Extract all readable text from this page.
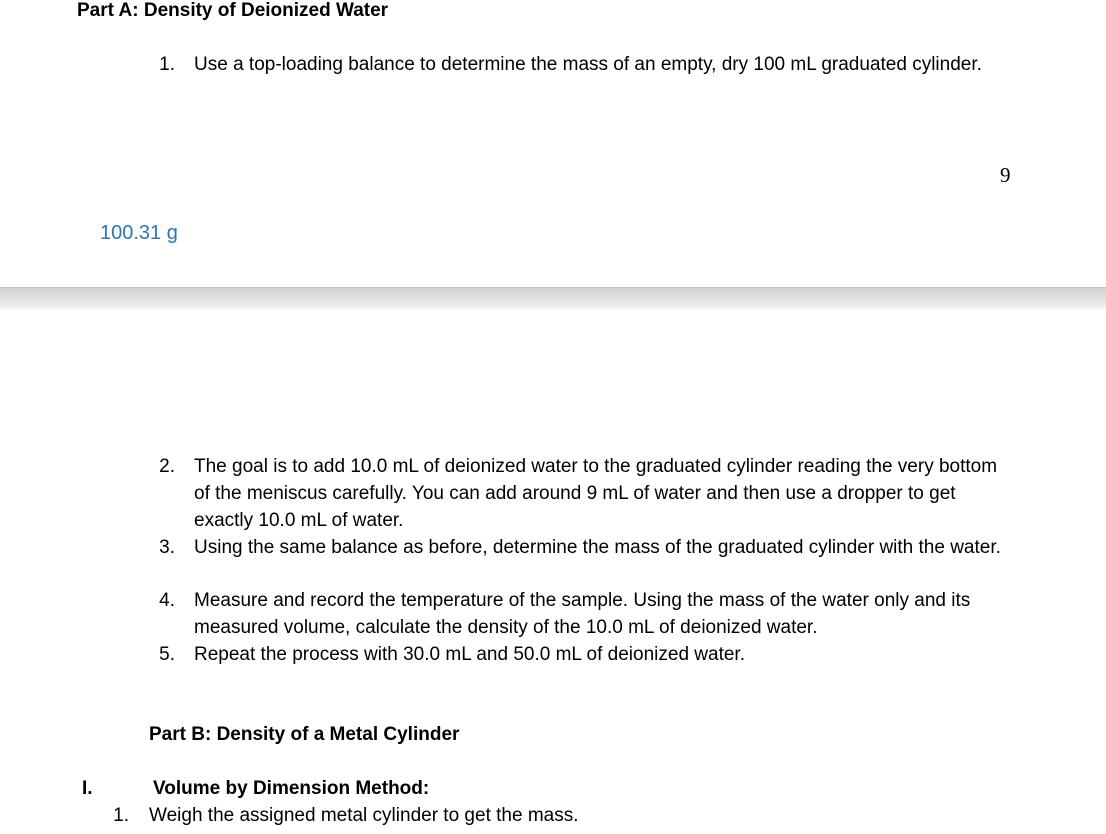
Part A: Density of Deionized Water
1. Use a top-loading balance to determine the mass of an empty, dry 100 mL graduated cylinder.
9
100.31 g
2. The goal is to add 10.0 mL of deionized water to the graduated cylinder reading the very bottom of the meniscus carefully. You can add around 9 mL of water and then use a dropper to get exactly 10.0 mL of water.
3. Using the same balance as before, determine the mass of the graduated cylinder with the water.
4. Measure and record the temperature of the sample. Using the mass of the water only and its measured volume, calculate the density of the 10.0 mL of deionized water.
5. Repeat the process with 30.0 mL and 50.0 mL of deionized water.
Part B: Density of a Metal Cylinder
I.	Volume by Dimension Method:
1. Weigh the assigned metal cylinder to get the mass.
